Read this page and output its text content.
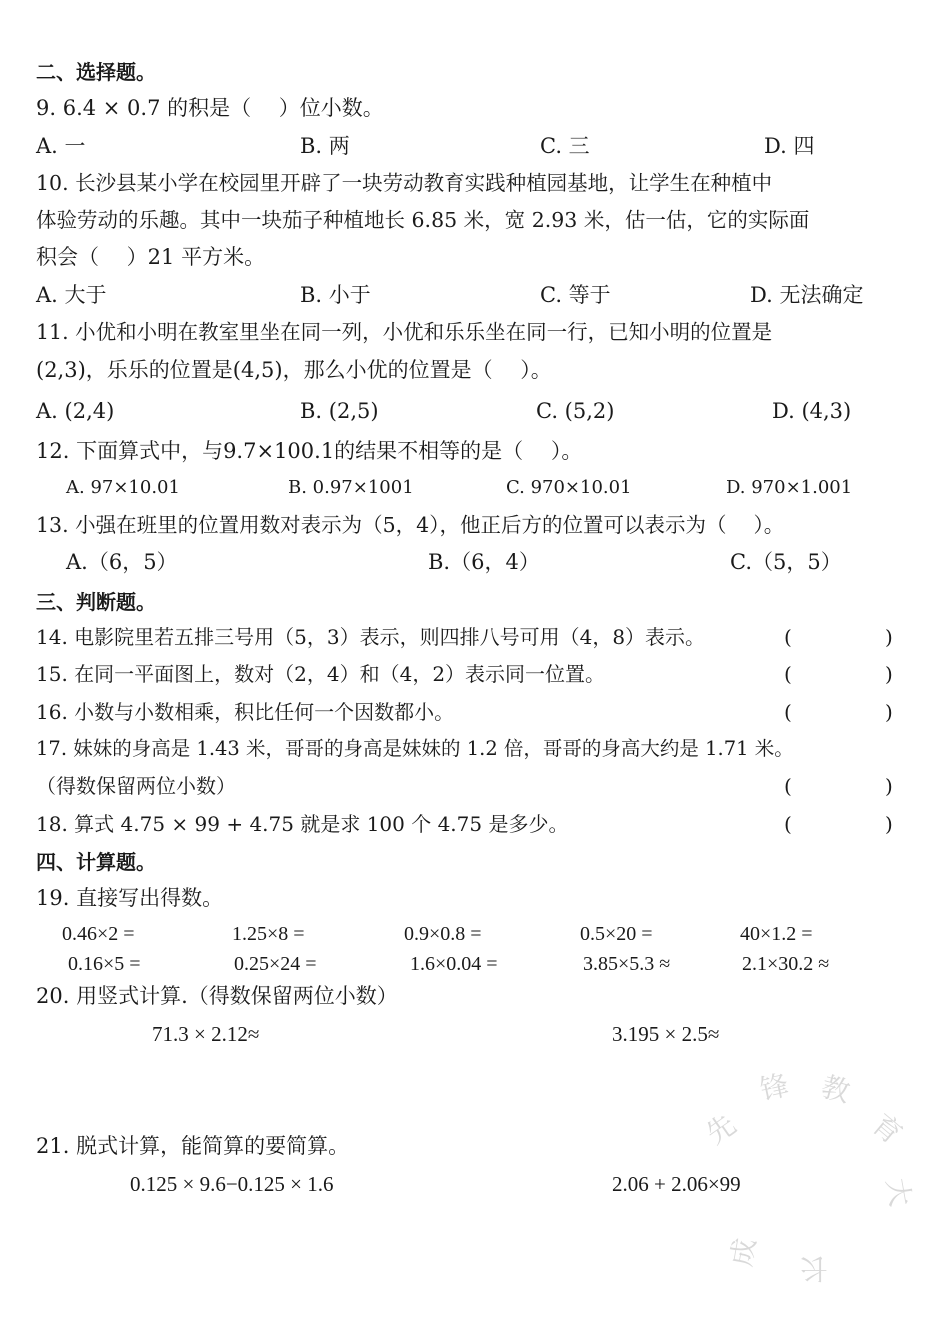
二、选择题。
9. 6.4 × 0.7 的积是（　 ）位小数。
A. 一	B. 两	C. 三	D. 四
10. 长沙县某小学在校园里开辟了一块劳动教育实践种植园基地，让学生在种植中
体验劳动的乐趣。其中一块茄子种植地长 6.85 米，宽 2.93 米，估一估，它的实际面
积会（　 ）21 平方米。
A. 大于	B. 小于	C. 等于	D. 无法确定
11. 小优和小明在教室里坐在同一列，小优和乐乐坐在同一行，已知小明的位置是
(2,3)，乐乐的位置是(4,5)，那么小优的位置是（　 ）。
A. (2,4)	B. (2,5)	C. (5,2)	D. (4,3)
12. 下面算式中，与9.7×100.1的结果不相等的是（　 ）。
A. 97×10.01	B. 0.97×1001	C. 970×10.01	D. 970×1.001
13. 小强在班里的位置用数对表示为（5，4），他正后方的位置可以表示为（　 ）。
A.（6，5）	B.（6，4）	C.（5，5）
三、判断题。
14. 电影院里若五排三号用（5，3）表示，则四排八号可用（4，8）表示。	(	)
15. 在同一平面图上，数对（2，4）和（4，2）表示同一位置。	(	)
16. 小数与小数相乘，积比任何一个因数都小。	(	)
17. 妹妹的身高是 1.43 米，哥哥的身高是妹妹的 1.2 倍，哥哥的身高大约是 1.71 米。
（得数保留两位小数）	(	)
18. 算式 4.75 × 99 + 4.75 就是求 100 个 4.75 是多少。	(	)
四、计算题。
19. 直接写出得数。
0.46×2 =	1.25×8 =	0.9×0.8 =	0.5×20 =	40×1.2 =
0.16×5 =	0.25×24 =	1.6×0.04 =	3.85×5.3 ≈	2.1×30.2 ≈
20. 用竖式计算.（得数保留两位小数）
71.3 × 2.12≈	3.195 × 2.5≈
21. 脱式计算，能简算的要简算。
0.125 × 9.6−0.125 × 1.6	2.06 + 2.06×99
先
锋 教
育
大
成 长
